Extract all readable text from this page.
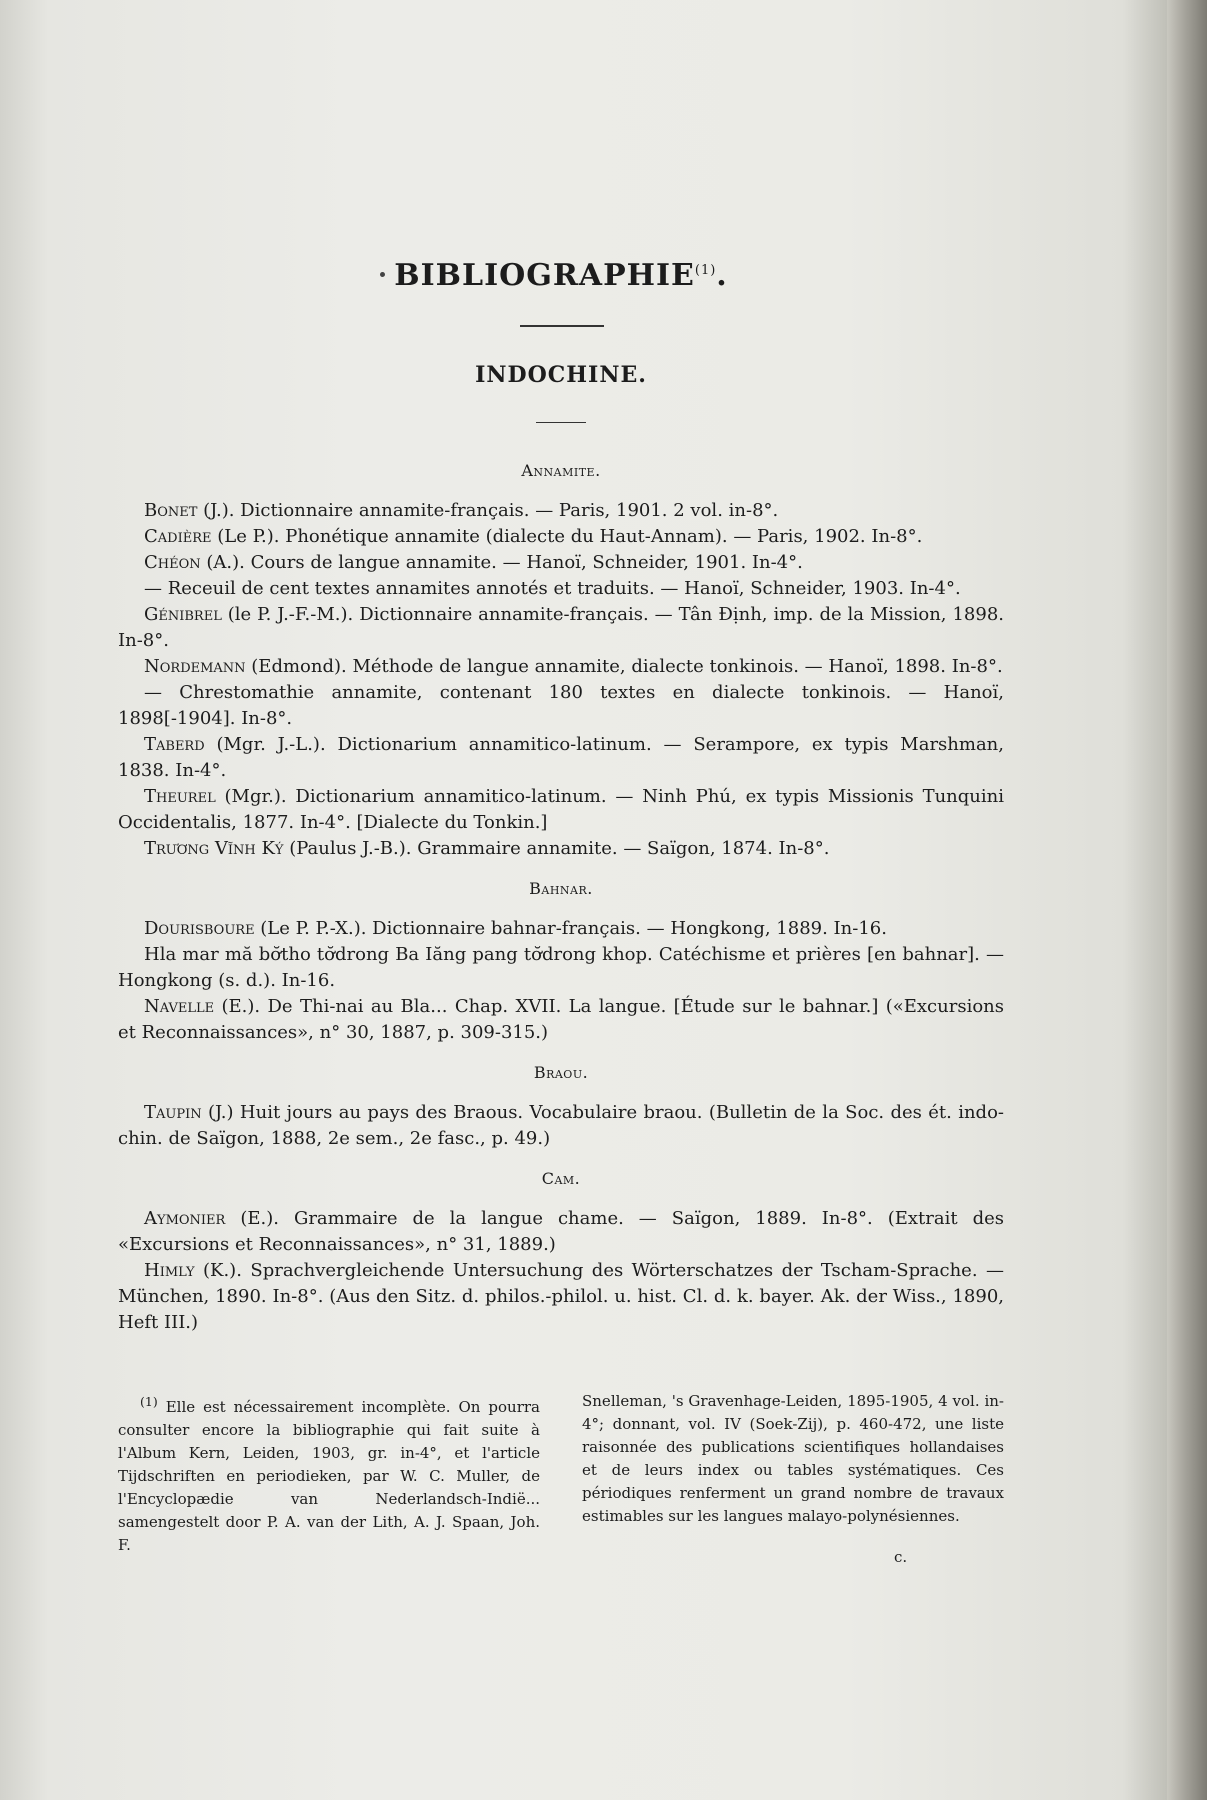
BIBLIOGRAPHIE$^{(1)}$.
INDOCHINE.
Annamite.

Bonet (J.). Dictionnaire annamite-français. — Paris, 1901. 2 vol. in-8°.

Cadière (Le P.). Phonétique annamite (dialecte du Haut-Annam). — Paris, 1902. In-8°.

Chéon (A.). Cours de langue annamite. — Hanoï, Schneider, 1901. In-4°.

— Receuil de cent textes annamites annotés et traduits. — Hanoï, Schneider, 1903. In-4°.

Génibrel (le P. J.-F.-M.). Dictionnaire annamite-français. — Tân Định, imp. de la Mission, 1898. In-8°.

Nordemann (Edmond). Méthode de langue annamite, dialecte tonkinois. — Hanoï, 1898. In-8°.

— Chrestomathie annamite, contenant 180 textes en dialecte tonkinois. — Hanoï, 1898[-1904]. In-8°.

Taberd (Mgr. J.-L.). Dictionarium annamitico-latinum. — Serampore, ex typis Marshman, 1838. In-4°.

Theurel (Mgr.). Dictionarium annamitico-latinum. — Ninh Phú, ex typis Missionis Tunquini Occidentalis, 1877. In-4°. [Dialecte du Tonkin.]

Trương Vĩnh Ký (Paulus J.-B.). Grammaire annamite. — Saïgon, 1874. In-8°.

Bahnar.

Dourisboure (Le P. P.-X.). Dictionnaire bahnar-français. — Hongkong, 1889. In-16.

Hla mar mă bơ̆tho tơ̆drong Ba Iăng pang tơ̆drong khop. Catéchisme et prières [en bahnar]. — Hongkong (s. d.). In-16.

Navelle (E.). De Thi-nai au Bla... Chap. XVII. La langue. [Étude sur le bahnar.] («Excursions et Reconnaissances», n° 30, 1887, p. 309-315.)

Braou.

Taupin (J.) Huit jours au pays des Braous. Vocabulaire braou. (Bulletin de la Soc. des ét. indo-chin. de Saïgon, 1888, 2e sem., 2e fasc., p. 49.)

Cam.

Aymonier (E.). Grammaire de la langue chame. — Saïgon, 1889. In-8°. (Extrait des «Excursions et Reconnaissances», n° 31, 1889.)

Himly (K.). Sprachvergleichende Untersuchung des Wörterschatzes der Tscham-Sprache. — München, 1890. In-8°. (Aus den Sitz. d. philos.-philol. u. hist. Cl. d. k. bayer. Ak. der Wiss., 1890, Heft III.)

$^{(1)}$ Elle est nécessairement incomplète. On pourra consulter encore la bibliographie qui fait suite à l'Album Kern, Leiden, 1903, gr. in-4°, et l'article Tijdschriften en periodieken, par W. C. Muller, de l'Encyclopædie van Nederlandsch-Indië... samengestelt door P. A. van der Lith, A. J. Spaan, Joh. F.

Snelleman, 's Gravenhage-Leiden, 1895-1905, 4 vol. in-4°; donnant, vol. IV (Soek-Zij), p. 460-472, une liste raisonnée des publications scientifiques hollandaises et de leurs index ou tables systématiques. Ces périodiques renferment un grand nombre de travaux estimables sur les langues malayo-polynésiennes.

c.
